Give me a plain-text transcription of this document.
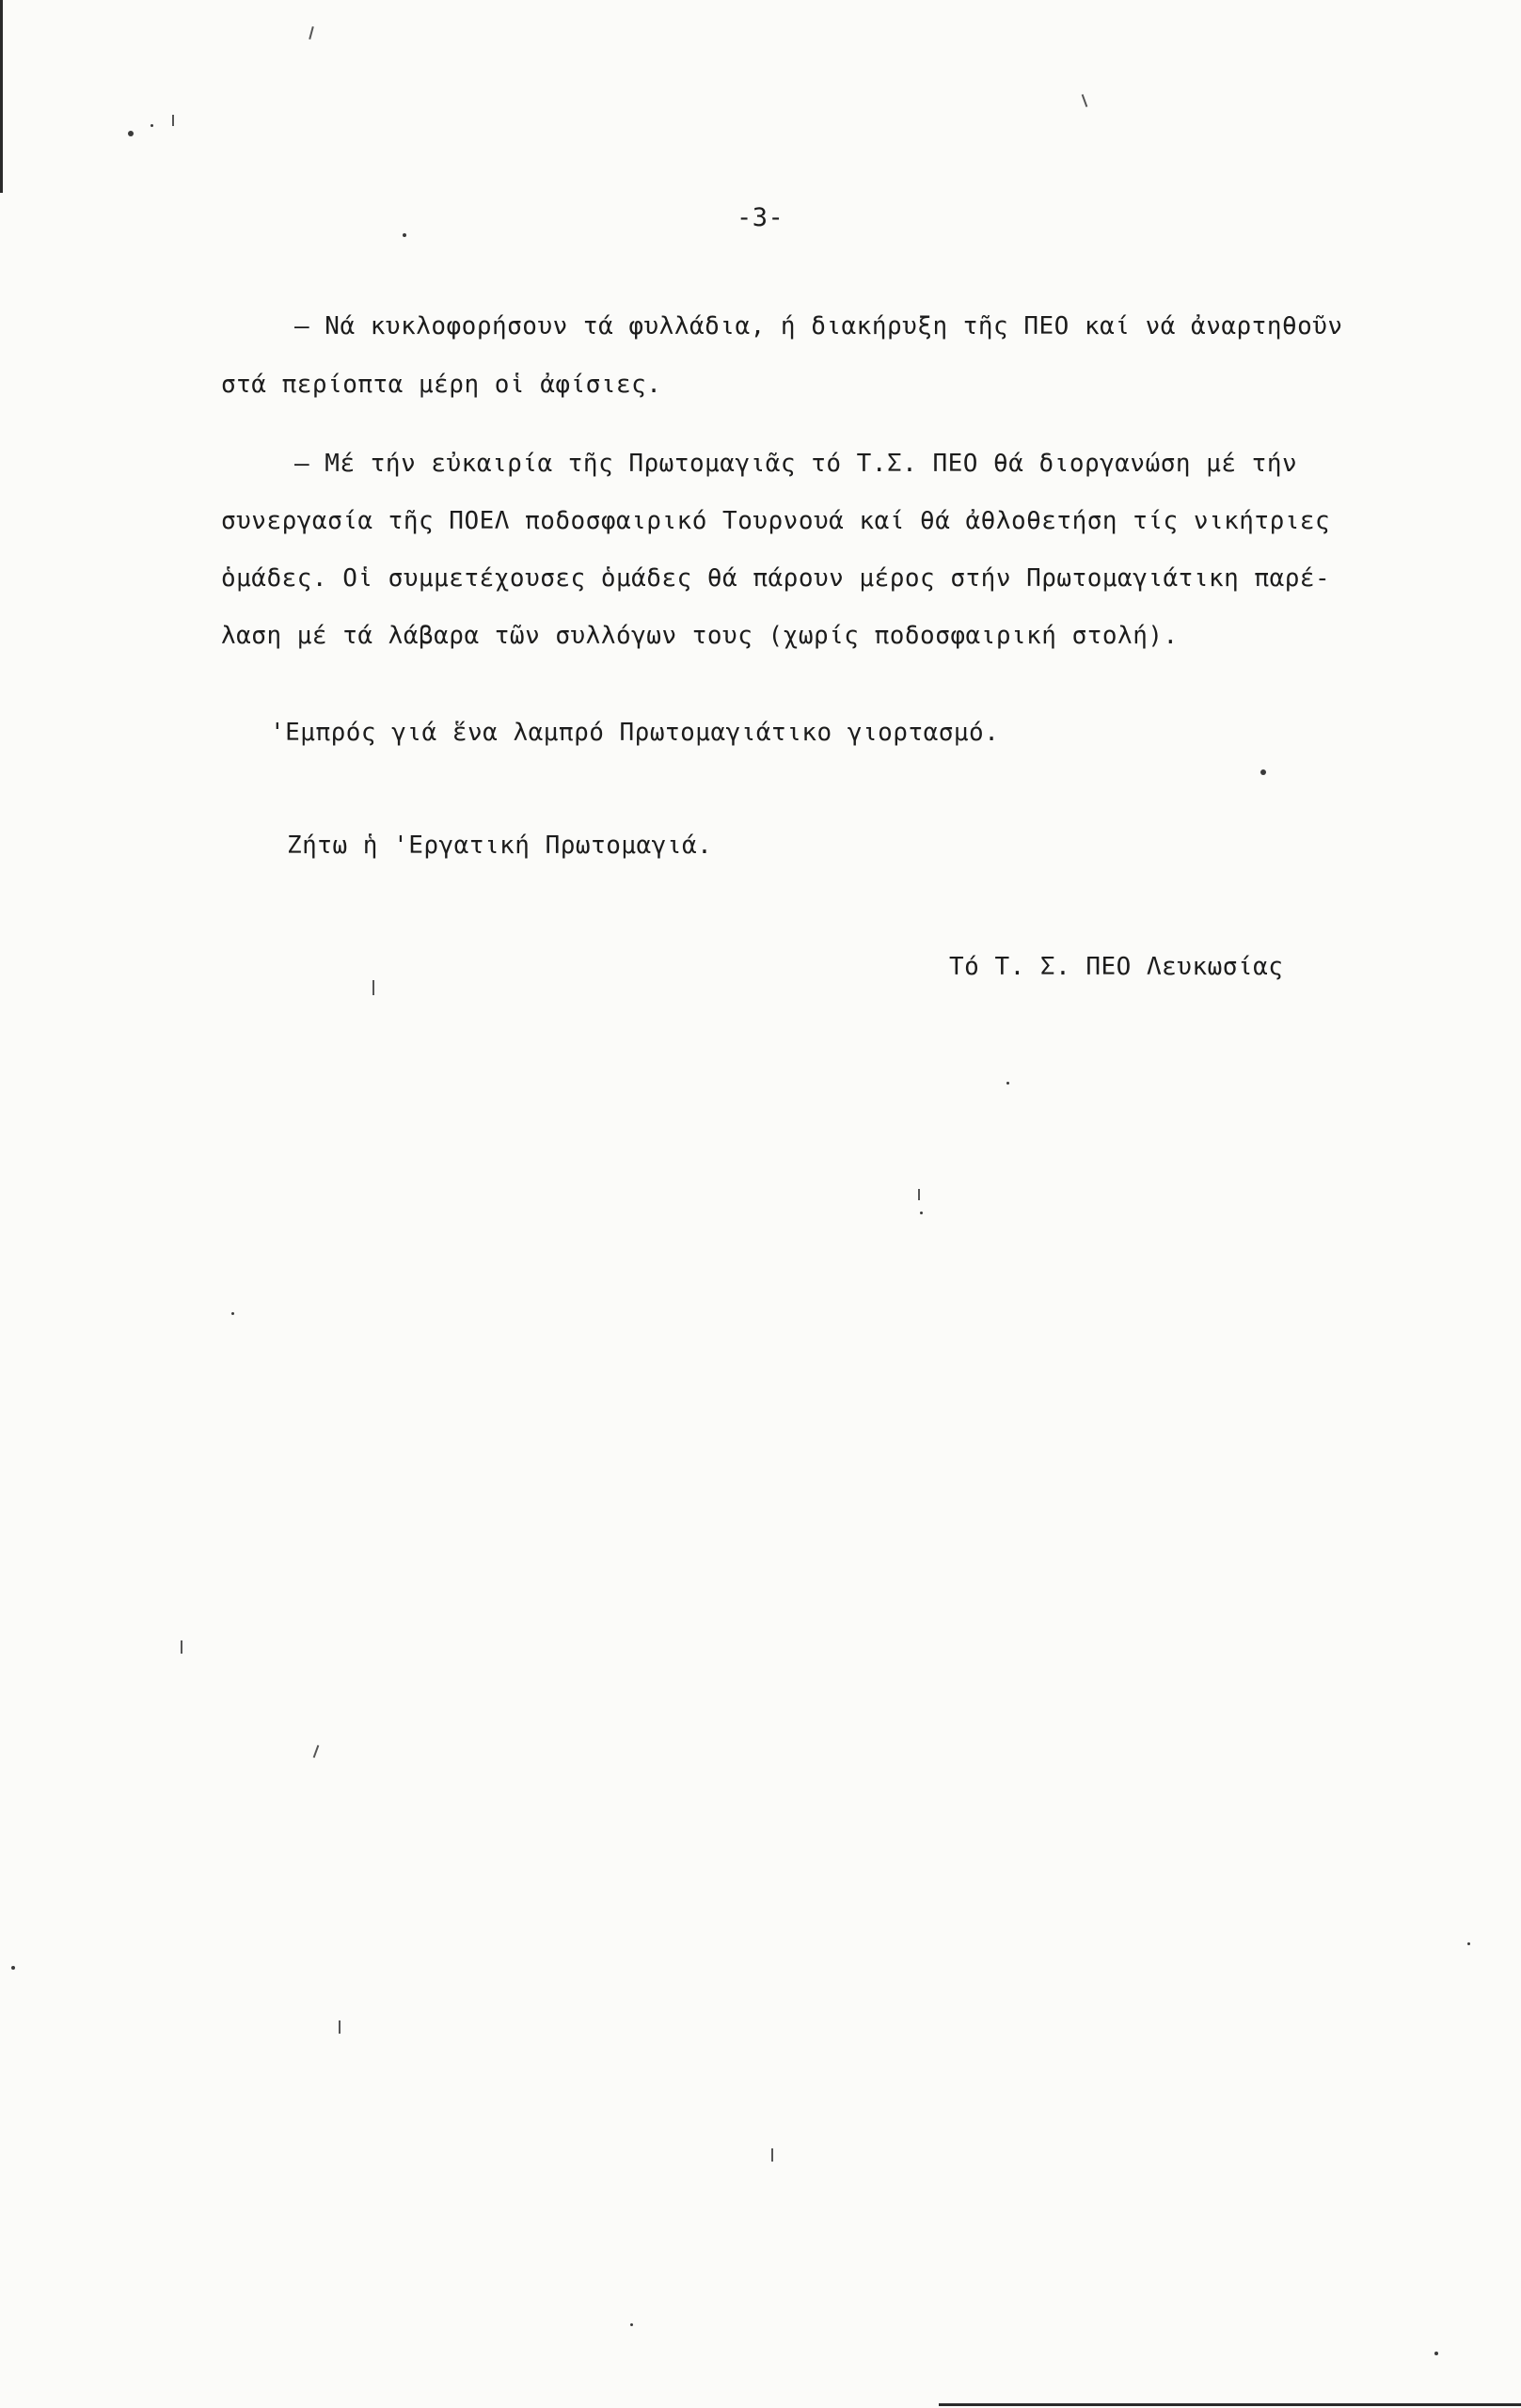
-3-
– Νά κυκλοφορήσουν τά φυλλάδια, ή διακήρυξη τῆς ΠΕΟ καί νά ἀναρτηθοῦν
στά περίοπτα μέρη οἱ ἀφίσιες.
– Μέ τήν εὐκαιρία τῆς Πρωτομαγιᾶς τό Τ.Σ. ΠΕΟ θά διοργανώση μέ τήν
συνεργασία τῆς ΠΟΕΛ ποδοσφαιρικό Τουρνουά καί θά ἀθλοθετήση τίς νικήτριες
ὁμάδες. Οἱ συμμετέχουσες ὁμάδες θά πάρουν μέρος στήν Πρωτομαγιάτικη παρέ-
λαση μέ τά λάβαρα τῶν συλλόγων τους (χωρίς ποδοσφαιρική στολή).
'Εμπρός γιά ἕνα λαμπρό Πρωτομαγιάτικο γιορτασμό.
Ζήτω ἡ 'Εργατική Πρωτομαγιά.
Τό Τ. Σ. ΠΕΟ Λευκωσίας
